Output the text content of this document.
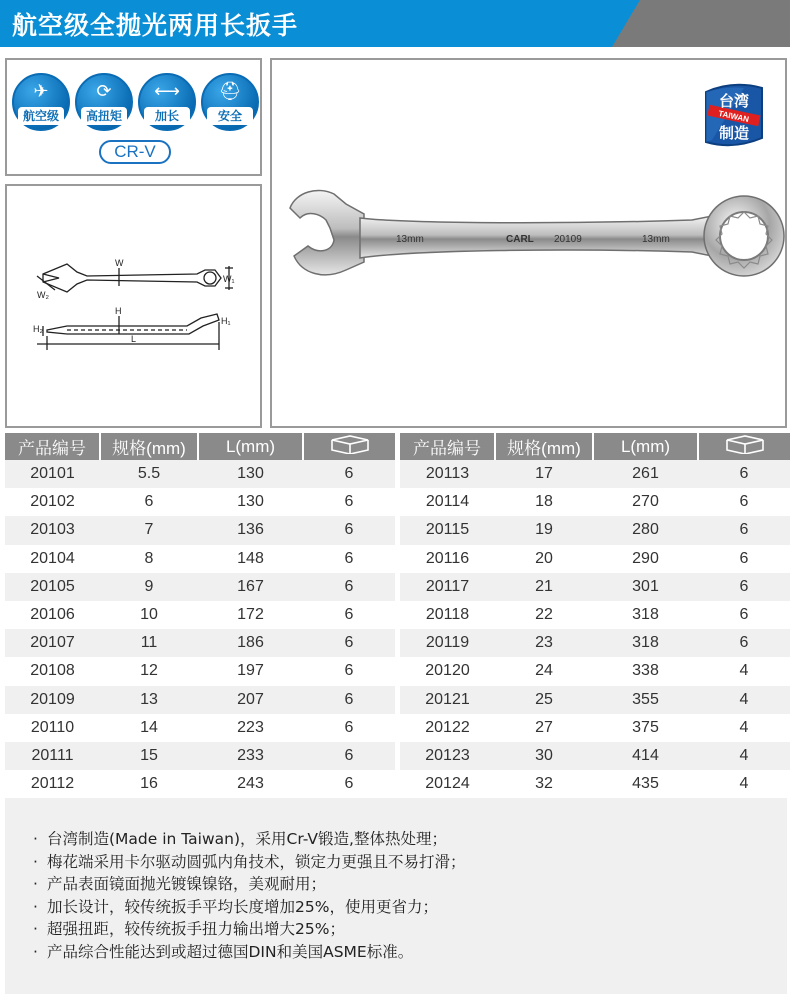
航空级全抛光两用长扳手
✈
航空级
⟳
高扭矩
⟷
加长
⛑
安全
CR-V
W
W₁
W₂
H
H₁
H₂
L
13mm	CARL 20109	13mm
台湾
TAIWAN
制造
产品编号	规格(mm)	L(mm)	
20101	5.5	130	6
20102	6	130	6
20103	7	136	6
20104	8	148	6
20105	9	167	6
20106	10	172	6
20107	11	186	6
20108	12	197	6
20109	13	207	6
20110	14	223	6
20111	15	233	6
20112	16	243	6
产品编号	规格(mm)	L(mm)	
20113	17	261	6
20114	18	270	6
20115	19	280	6
20116	20	290	6
20117	21	301	6
20118	22	318	6
20119	23	318	6
20120	24	338	4
20121	25	355	4
20122	27	375	4
20123	30	414	4
20124	32	435	4
· 台湾制造(Made in Taiwan)，采用Cr-V锻造,整体热处理；
· 梅花端采用卡尔驱动圆弧内角技术，锁定力更强且不易打滑；
· 产品表面镜面抛光镀镍镍铬，美观耐用；
· 加长设计，较传统扳手平均长度增加25%，使用更省力；
· 超强扭距，较传统扳手扭力输出增大25%；
· 产品综合性能达到或超过德国DIN和美国ASME标准。
